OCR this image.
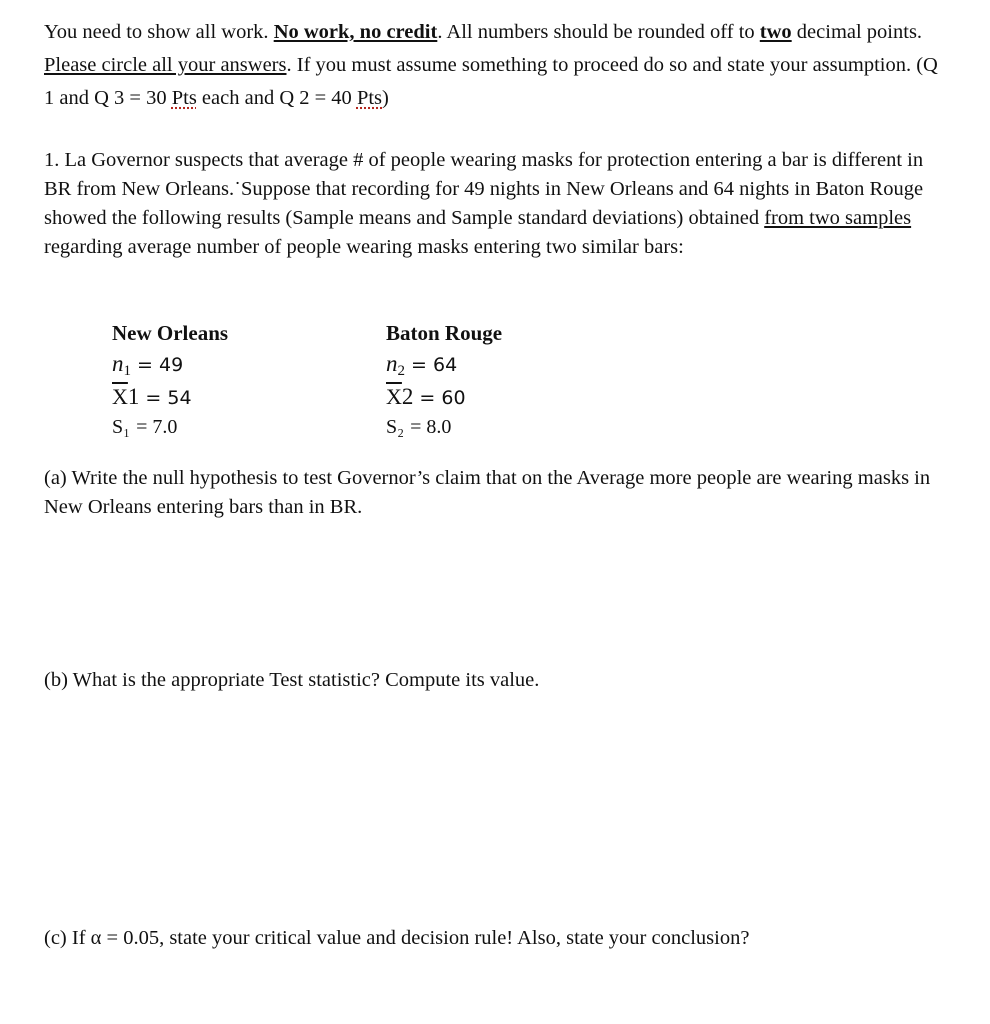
You need to show all work. No work, no credit. All numbers should be rounded off to two decimal points. Please circle all your answers. If you must assume something to proceed do so and state your assumption. (Q 1 and Q 3 = 30 Pts each and Q 2 = 40 Pts)

1. La Governor suspects that average # of people wearing masks for protection entering a bar is different in BR from New Orleans.˙Suppose that recording for 49 nights in New Orleans and 64 nights in Baton Rouge showed the following results (Sample means and Sample standard deviations) obtained from two samples regarding average number of people wearing masks entering two similar bars:

New Orleans
$n_1 = 49$
$\overline{X}1 = 54$
S₁ = 7.0
Baton Rouge
$n_2 = 64$
$\overline{X}2 = 60$
S₂ = 8.0

(a) Write the null hypothesis to test Governor’s claim that on the Average more people are wearing masks in New Orleans entering bars than in BR.

(b) What is the appropriate Test statistic? Compute its value.

(c) If α = 0.05, state your critical value and decision rule! Also, state your conclusion?
